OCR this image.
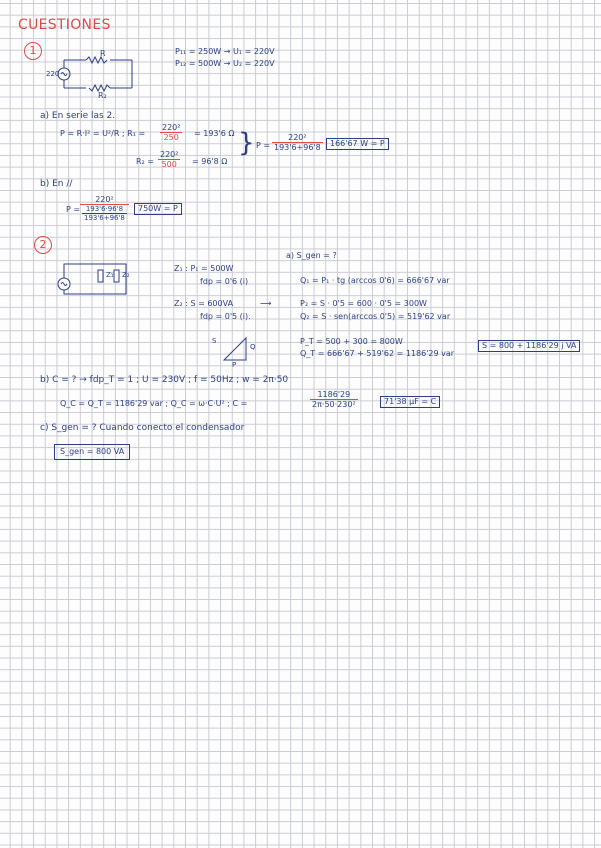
CUESTIONES
1	R
R₂
220
P₁₁ = 250W → U₁ = 220V
P₁₂ = 500W → U₂ = 220V
a) En serie las 2.
P = R·I² = U²/R ; $R_1 = \frac{\text{220²}}{250} = 193'6$ Ω
$R_2 = \frac{\text{220²}}{500} = 96'8$ Ω
} $P = \frac{\text{220²}}{193'6+96'8} 166'67$ W = P
b) En //
$P = \frac{\text{220²}}{\frac{193'6\cdot 96'8}{193'6+96'8}}$	750W = P
2
Z₁ Z₂
Z₁ : P₁ = 500W
fdp = 0'6 (i)
Z₂ : S = 600VA
fdp = 0'5 (i).
S
Q
P
⟶
a) S_gen = ?
Q₁ = P₁ · tg (arccos 0'6) = 666'67 var
P₂ = S · 0'5 = 600 · 0'5 = 300W
Q₂ = S · sen(arccos 0'5) = 519'62 var
P_T = 500 + 300 = 800W
Q_T = 666'67 + 519'62 = 1186'29 var
S = 800 + 1186'29 j VA
b) C = ? → fdp_T = 1 ; U = 230V ; f = 50Hz ; w = 2π·50
Q_C = Q_T = 1186'29 var ; Q_C = ω·C·U² ; C =	$\frac{1186'29}{\text{2π·50·230²}}$	71'38 μF = C
c) S_gen = ? Cuando conecto el condensador
S_gen = 800 VA
